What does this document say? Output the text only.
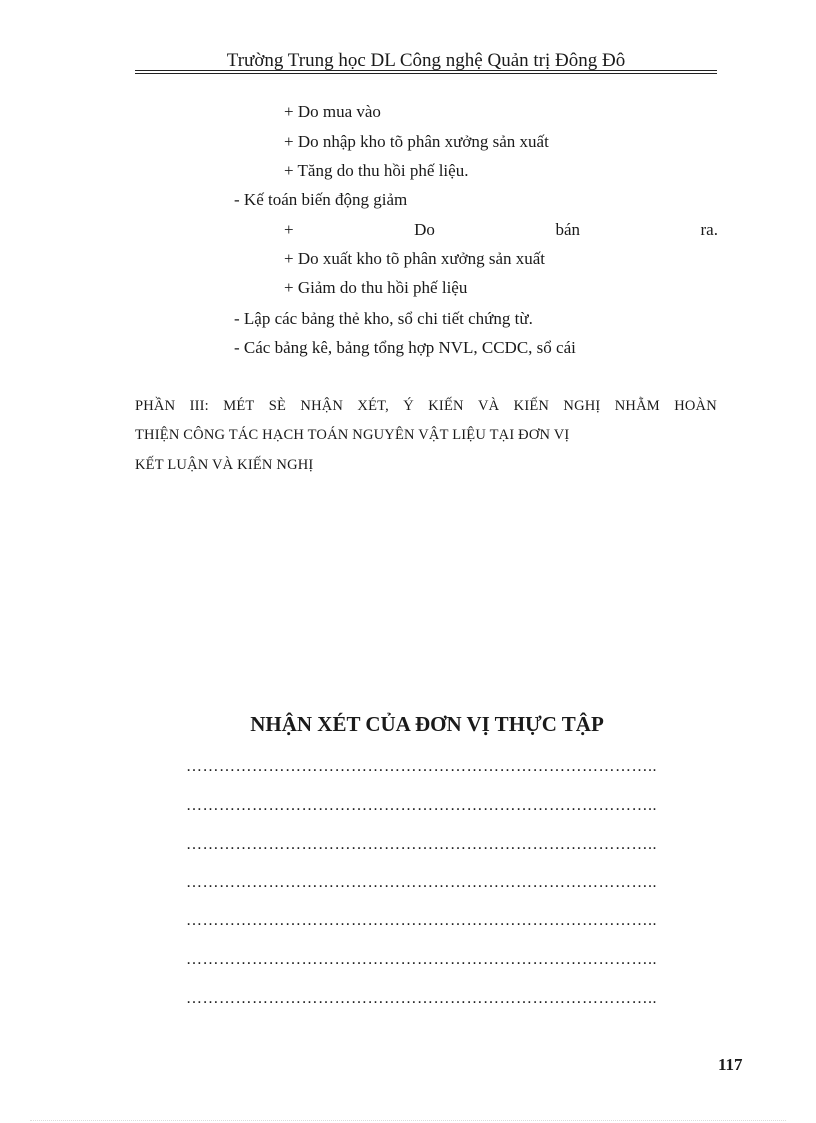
Trường Trung học DL Công nghệ Quản trị Đông Đô
+ Do mua vào
+ Do nhập kho tõ phân xưởng sản xuất
+ Tăng do thu hồi phế liệu.
- Kế toán biến động giảm
+	Do	bán	ra.
+ Do xuất kho tõ phân xưởng sản xuất
+ Giảm do thu hồi phế liệu
- Lập các bảng thẻ kho, sổ chi tiết chứng từ.
- Các bảng kê, bảng tổng hợp NVL, CCDC, sổ cái
PHẦN III: MÉT SÈ NHẬN XÉT, Ý KIẾN VÀ KIẾN NGHỊ NHẰM HOÀN
THIỆN CÔNG TÁC HẠCH TOÁN NGUYÊN VẬT LIỆU TẠI ĐƠN VỊ
KẾT LUẬN VÀ KIẾN NGHỊ
NHẬN XÉT CỦA ĐƠN VỊ THỰC TẬP
…………………………………………………………………………..
…………………………………………………………………………..
…………………………………………………………………………..
…………………………………………………………………………..
…………………………………………………………………………..
…………………………………………………………………………..
…………………………………………………………………………..
117
